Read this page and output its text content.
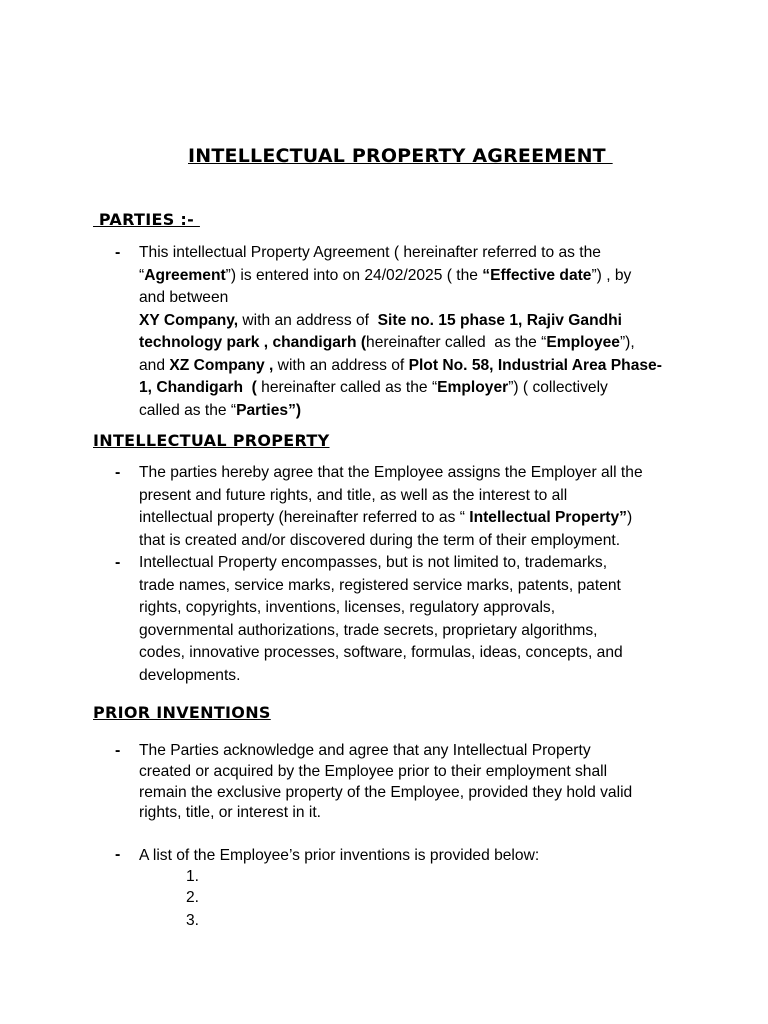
INTELLECTUAL PROPERTY AGREEMENT
PARTIES :-
- This intellectual Property Agreement ( hereinafter referred to as the
“Agreement”) is entered into on 24/02/2025 ( the “Effective date”) , by
and between
XY Company, with an address of  Site no. 15 phase 1, Rajiv Gandhi
technology park , chandigarh (hereinafter called  as the “Employee”),
and XZ Company , with an address of Plot No. 58, Industrial Area Phase-
1, Chandigarh  ( hereinafter called as the “Employer”) ( collectively
called as the “Parties”)
INTELLECTUAL PROPERTY
- The parties hereby agree that the Employee assigns the Employer all the
present and future rights, and title, as well as the interest to all
intellectual property (hereinafter referred to as “ Intellectual Property”)
that is created and/or discovered during the term of their employment.
- Intellectual Property encompasses, but is not limited to, trademarks,
trade names, service marks, registered service marks, patents, patent
rights, copyrights, inventions, licenses, regulatory approvals,
governmental authorizations, trade secrets, proprietary algorithms,
codes, innovative processes, software, formulas, ideas, concepts, and
developments.
PRIOR INVENTIONS
- The Parties acknowledge and agree that any Intellectual Property
created or acquired by the Employee prior to their employment shall
remain the exclusive property of the Employee, provided they hold valid
rights, title, or interest in it.
- A list of the Employee’s prior inventions is provided below:
1.
2.
3.
